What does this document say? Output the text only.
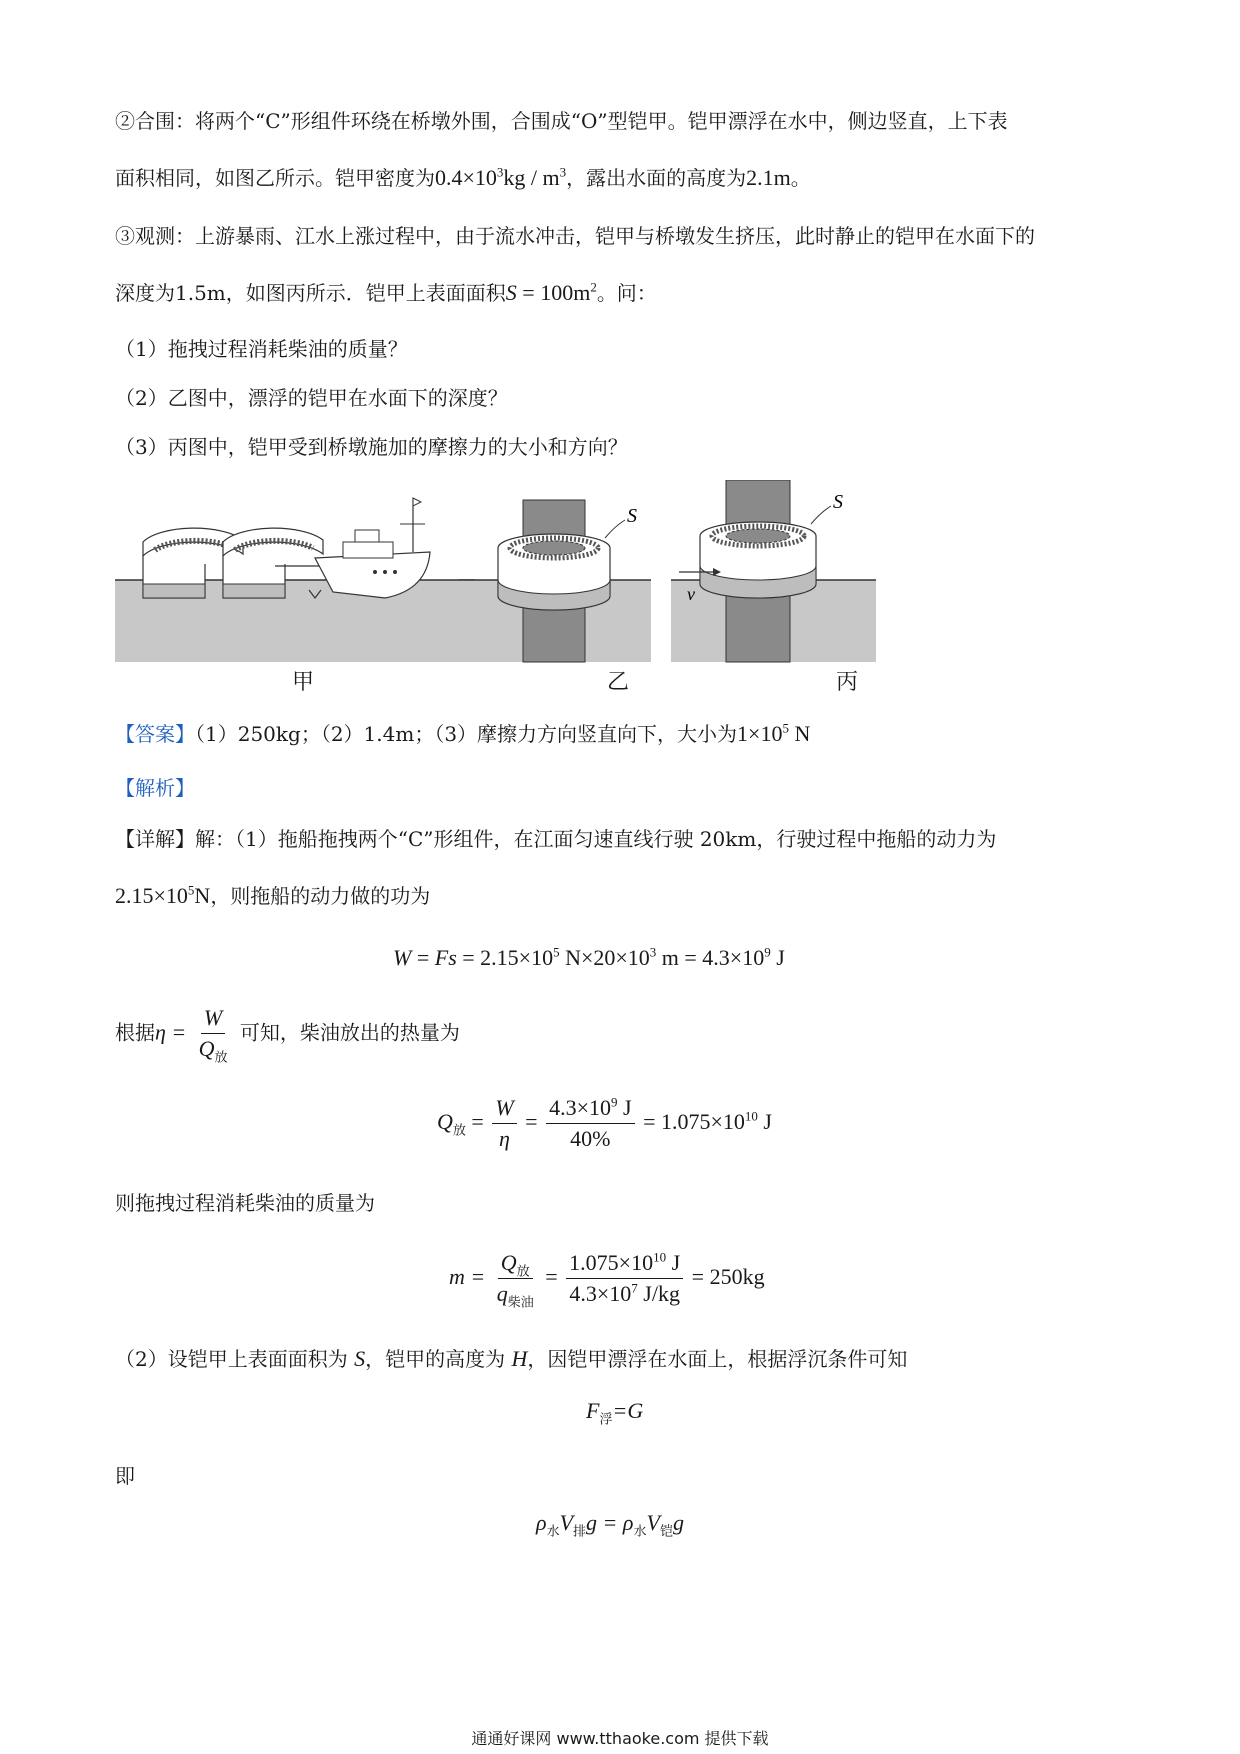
②合围：将两个“C”形组件环绕在桥墩外围，合围成“O”型铠甲。铠甲漂浮在水中，侧边竖直，上下表
面积相同，如图乙所示。铠甲密度为$0.4\times 10^3kg / m^3$，露出水面的高度为2.1m。
③观测：上游暴雨、江水上涨过程中，由于流水冲击，铠甲与桥墩发生挤压，此时静止的铠甲在水面下的
深度为1.5m，如图丙所示．铠甲上表面面积$S = 100m^2$。问：
（1）拖拽过程消耗柴油的质量？
（2）乙图中，漂浮的铠甲在水面下的深度？
（3）丙图中，铠甲受到桥墩施加的摩擦力的大小和方向？
S
S
v
甲	乙	丙
【答案】（1）250kg；（2）1.4m；（3）摩擦力方向竖直向下，大小为$1\times 10^5$ N
【解析】
【详解】解：（1）拖船拖拽两个“C”形组件，在江面匀速直线行驶 20km，行驶过程中拖船的动力为
$2.15\times 10^5N$，则拖船的动力做的功为
$W = Fs = 2.15\times 10^5$ $N\times 20\times 10^3$ $m = 4.3\times 10^9$ J
根据$\eta = \frac{W}{Q_放}$ 可知，柴油放出的热量为
$Q_放 = \frac{W}{\eta} = \frac{4.3\times 10^9 J}{40\%} = 1.075\times 10^{10}$ J
则拖拽过程消耗柴油的质量为
$m = \frac{Q_放}{q_{柴油}} = \frac{1.075\times 10^{10} J}{4.3\times 10^7 J/kg} = 250kg$
（2）设铠甲上表面面积为 S，铠甲的高度为 H，因铠甲漂浮在水面上，根据浮沉条件可知
$F_浮=G$
即
$\rho_水V_排g = \rho_水V_铠g$
通通好课网 www.tthaoke.com 提供下载
